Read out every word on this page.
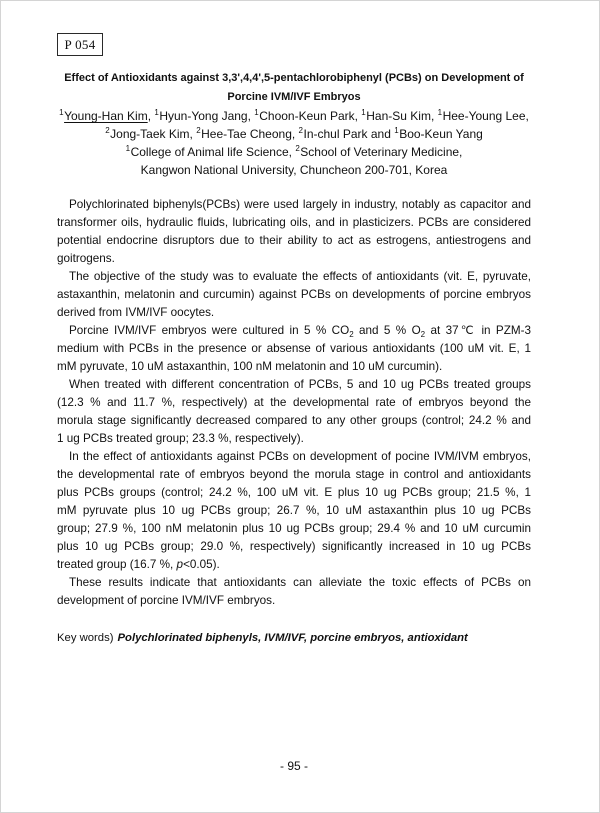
P 054
Effect of Antioxidants against 3,3',4,4',5-pentachlorobiphenyl (PCBs) on Development of
Porcine IVM/IVF Embryos
$^1$Young-Han Kim, $^1$Hyun-Yong Jang, $^1$Choon-Keun Park, $^1$Han-Su Kim, $^1$Hee-Young Lee,
$^2$Jong-Taek Kim, $^2$Hee-Tae Cheong, $^2$In-chul Park and $^1$Boo-Keun Yang
$^1$College of Animal life Science, $^2$School of Veterinary Medicine,
Kangwon National University, Chuncheon 200-701, Korea
Polychlorinated biphenyls(PCBs) were used largely in industry, notably as capacitor and
transformer oils, hydraulic fluids, lubricating oils, and in plasticizers. PCBs are considered
potential endocrine disruptors due to their ability to act as estrogens, antiestrogens and
goitrogens.
The objective of the study was to evaluate the effects of antioxidants (vit. E, pyruvate,
astaxanthin, melatonin and curcumin) against PCBs on developments of porcine embryos
derived from IVM/IVF oocytes.
Porcine IVM/IVF embryos were cultured in 5 % $CO_2$ and 5 % $O_2$ at 37℃ in PZM-3
medium with PCBs in the presence or absense of various antioxidants (100 uM vit. E, 1
mM pyruvate, 10 uM astaxanthin, 100 nM melatonin and 10 uM curcumin).
When treated with different concentration of PCBs, 5 and 10 ug PCBs treated groups
(12.3 % and 11.7 %, respectively) at the developmental rate of embryos beyond the
morula stage significantly decreased compared to any other groups (control; 24.2 % and
1 ug PCBs treated group; 23.3 %, respectively).
In the effect of antioxidants against PCBs on development of pocine IVM/IVM embryos,
the developmental rate of embryos beyond the morula stage in control and antioxidants
plus PCBs groups (control; 24.2 %, 100 uM vit. E plus 10 ug PCBs group; 21.5 %, 1
mM pyruvate plus 10 ug PCBs group; 26.7 %, 10 uM astaxanthin plus 10 ug PCBs
group; 27.9 %, 100 nM melatonin plus 10 ug PCBs group; 29.4 % and 10 uM curcumin
plus 10 ug PCBs group; 29.0 %, respectively) significantly increased in 10 ug PCBs
treated group (16.7 %, p<0.05).
These results indicate that antioxidants can alleviate the toxic effects of PCBs on
development of porcine IVM/IVF embryos.
Key words) Polychlorinated biphenyls, IVM/IVF, porcine embryos, antioxidant
- 95 -
